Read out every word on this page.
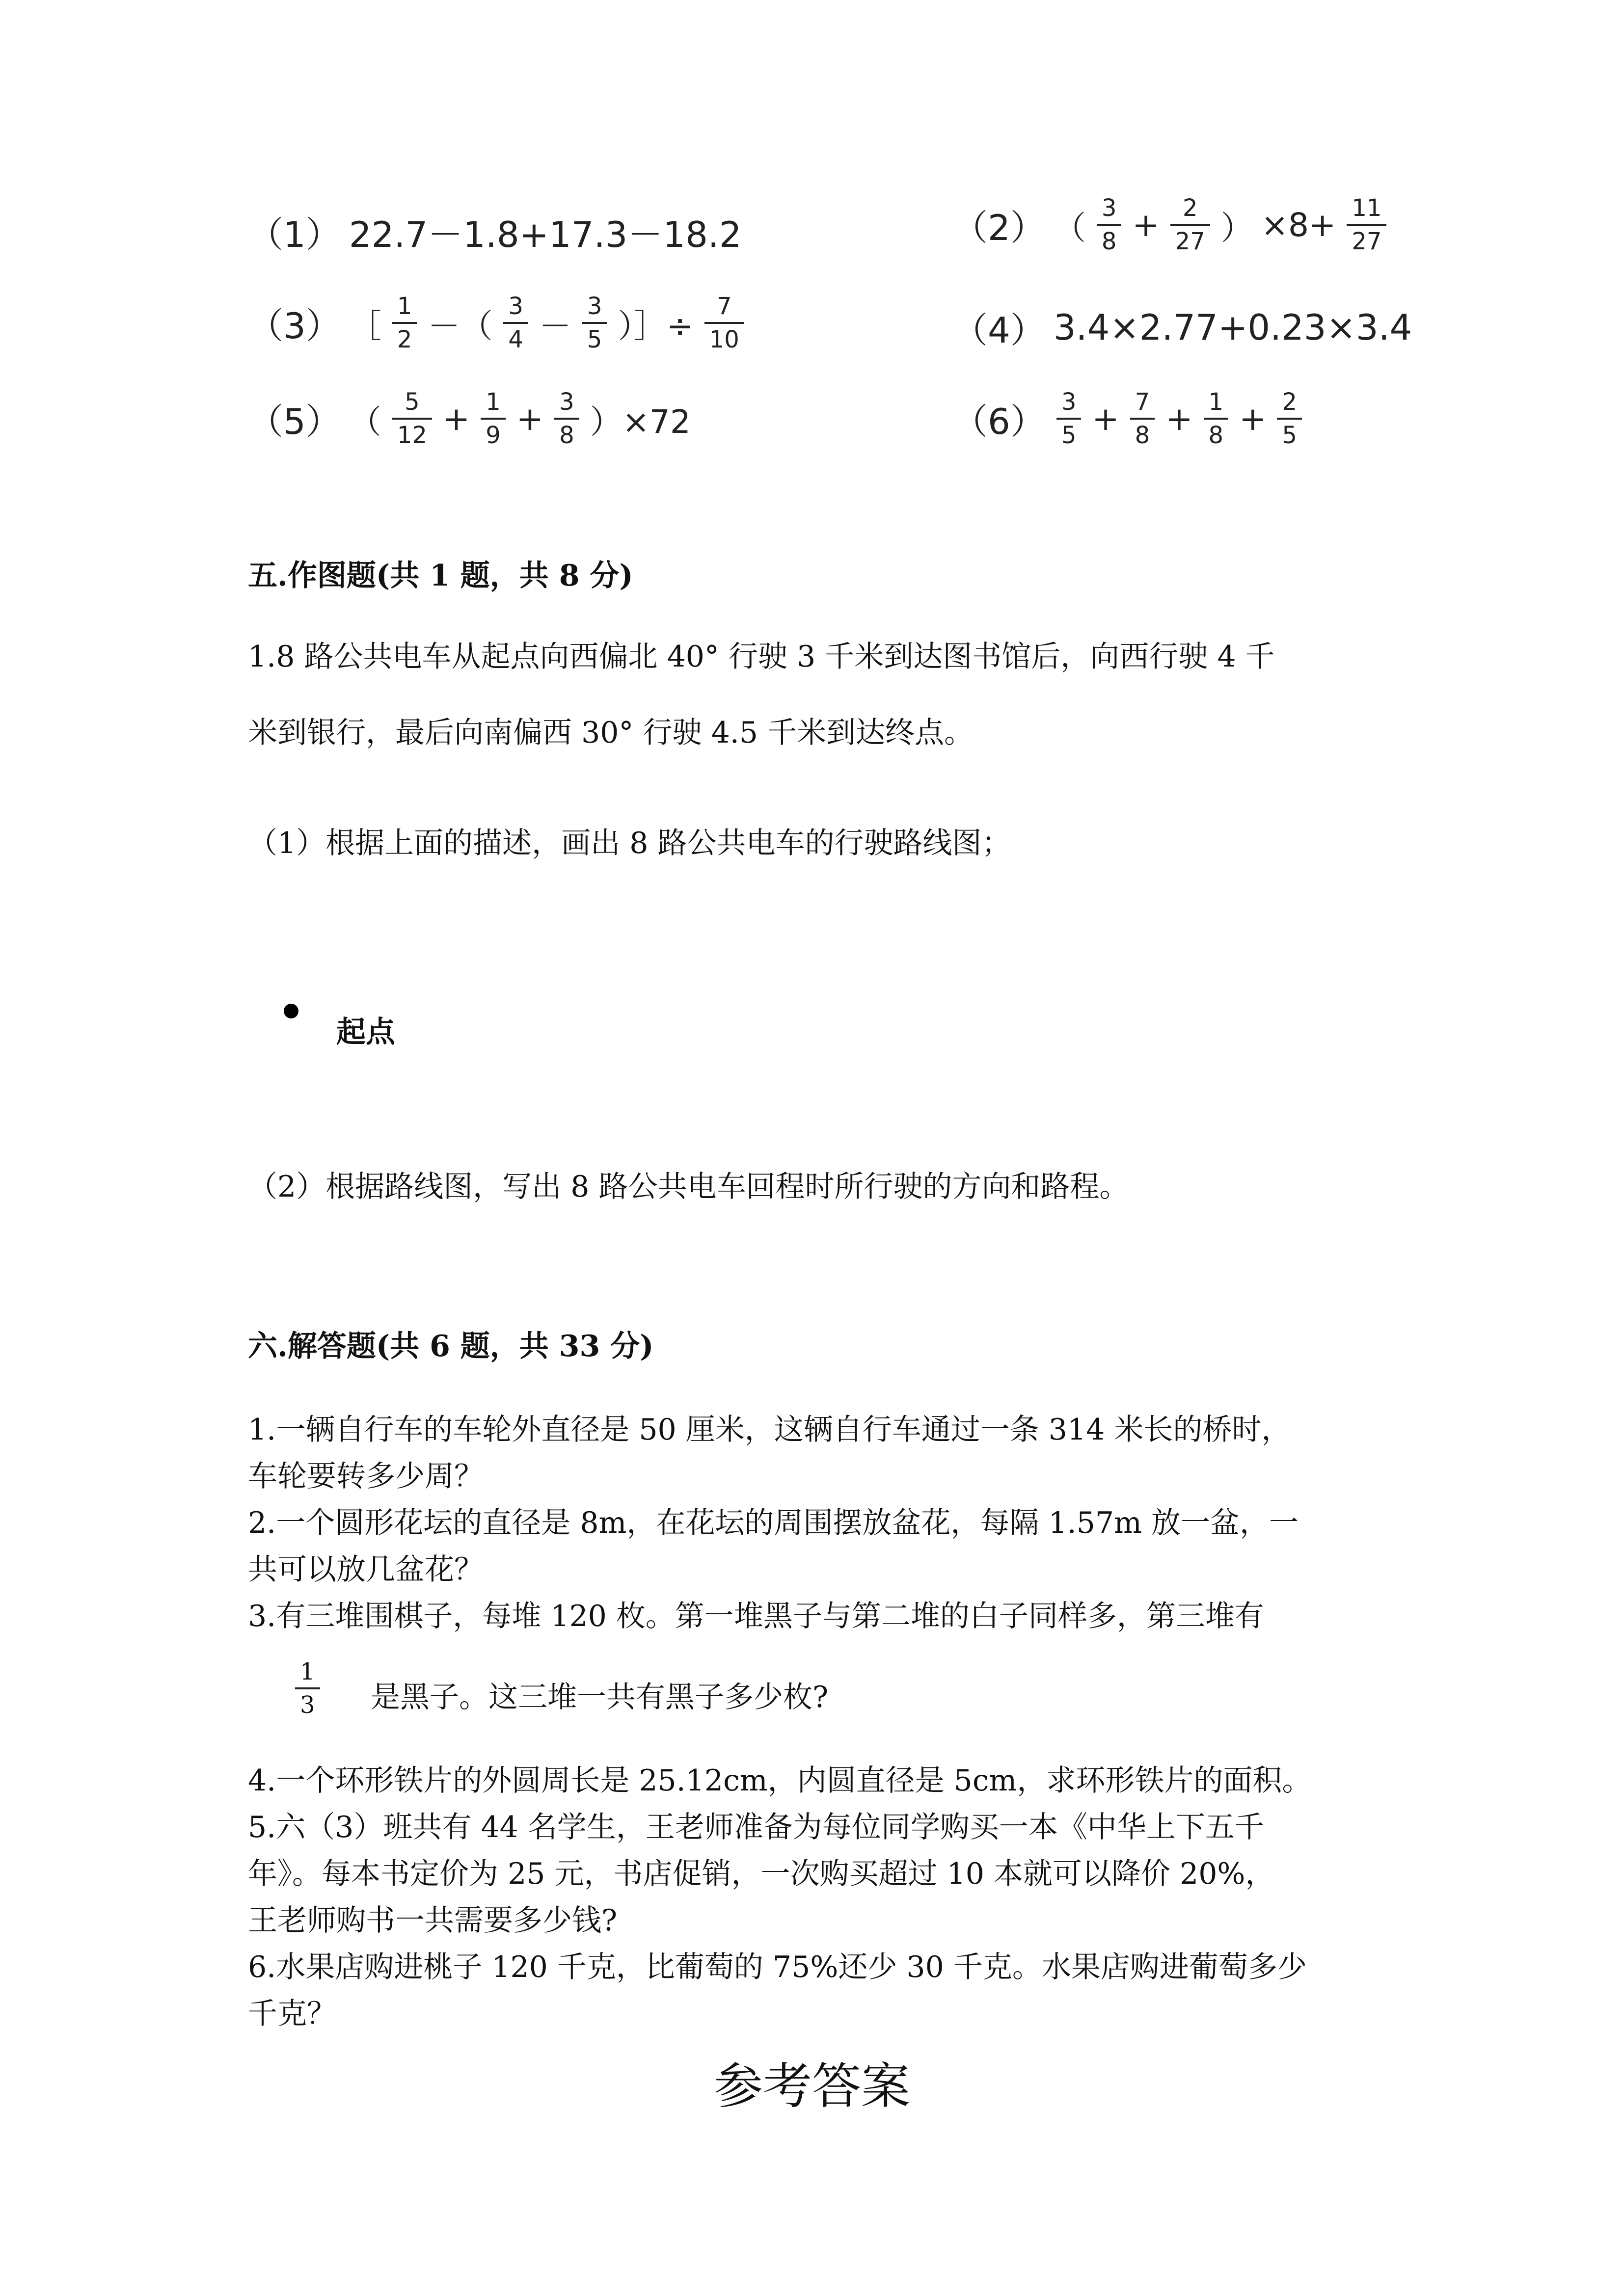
（1） 22.7－1.8+17.3－18.2	（2） （ $\frac{3}{8} + \frac{2}{27}$ ） $\times 8+ \frac{11}{27}$
（3） ［ $\frac{1}{2}$ －（ $\frac{3}{4} - \frac{3}{5}$ ）］÷ $\frac{7}{10}$	（4） 3.4×2.77+0.23×3.4
（5） （ $\frac{5}{12} + \frac{1}{9} + \frac{3}{8} )\times 72$	$(6) \frac{3}{5} + \frac{7}{8} + \frac{1}{8} + \frac{2}{5}$
五.作图题(共 1 题，共 8 分)
1.8 路公共电车从起点向西偏北 40° 行驶 3 千米到达图书馆后，向西行驶 4 千
米到银行，最后向南偏西 30° 行驶 4.5 千米到达终点。
（1）根据上面的描述，画出 8 路公共电车的行驶路线图；
起点
（2）根据路线图，写出 8 路公共电车回程时所行驶的方向和路程。
六.解答题(共 6 题，共 33 分)
1.一辆自行车的车轮外直径是 50 厘米，这辆自行车通过一条 314 米长的桥时，
车轮要转多少周？
2.一个圆形花坛的直径是 8m，在花坛的周围摆放盆花，每隔 1.57m 放一盆，一
共可以放几盆花？
3.有三堆围棋子，每堆 120 枚。第一堆黑子与第二堆的白子同样多，第三堆有
$\frac{1}{3}$ 是黑子。这三堆一共有黑子多少枚?
4.一个环形铁片的外圆周长是 25.12cm，内圆直径是 5cm，求环形铁片的面积。
5.六（3）班共有 44 名学生，王老师准备为每位同学购买一本《中华上下五千
年》。每本书定价为 25 元，书店促销，一次购买超过 10 本就可以降价 20%，
王老师购书一共需要多少钱?
6.水果店购进桃子 120 千克，比葡萄的 75%还少 30 千克。水果店购进葡萄多少
千克？
参考答案
